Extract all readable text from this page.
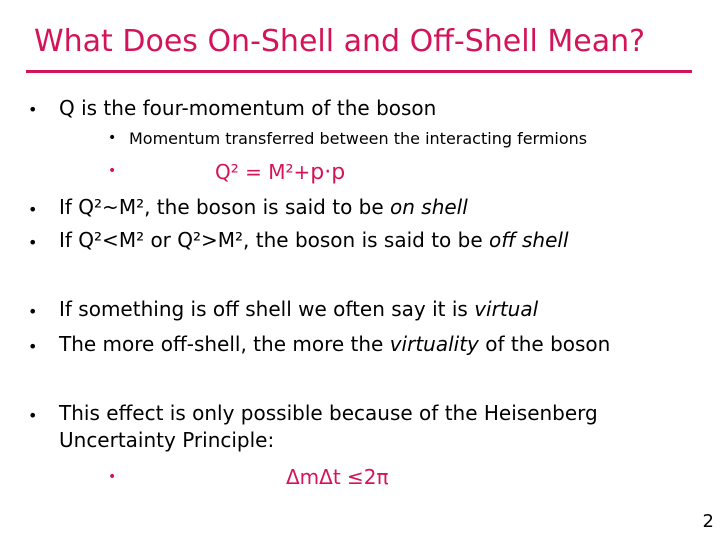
What Does On-Shell and Off-Shell Mean?
• Q is the four-momentum of the boson
• Momentum transferred between the interacting fermions
•	Q² = M²+p·p
• If Q²~M², the boson is said to be on shell
• If Q²<M² or Q²>M², the boson is said to be off shell
• If something is off shell we often say it is virtual
• The more off-shell, the more the virtuality of the boson
• This effect is only possible because of the Heisenberg
Uncertainty Principle:
•	ΔmΔt ≤2π
2
